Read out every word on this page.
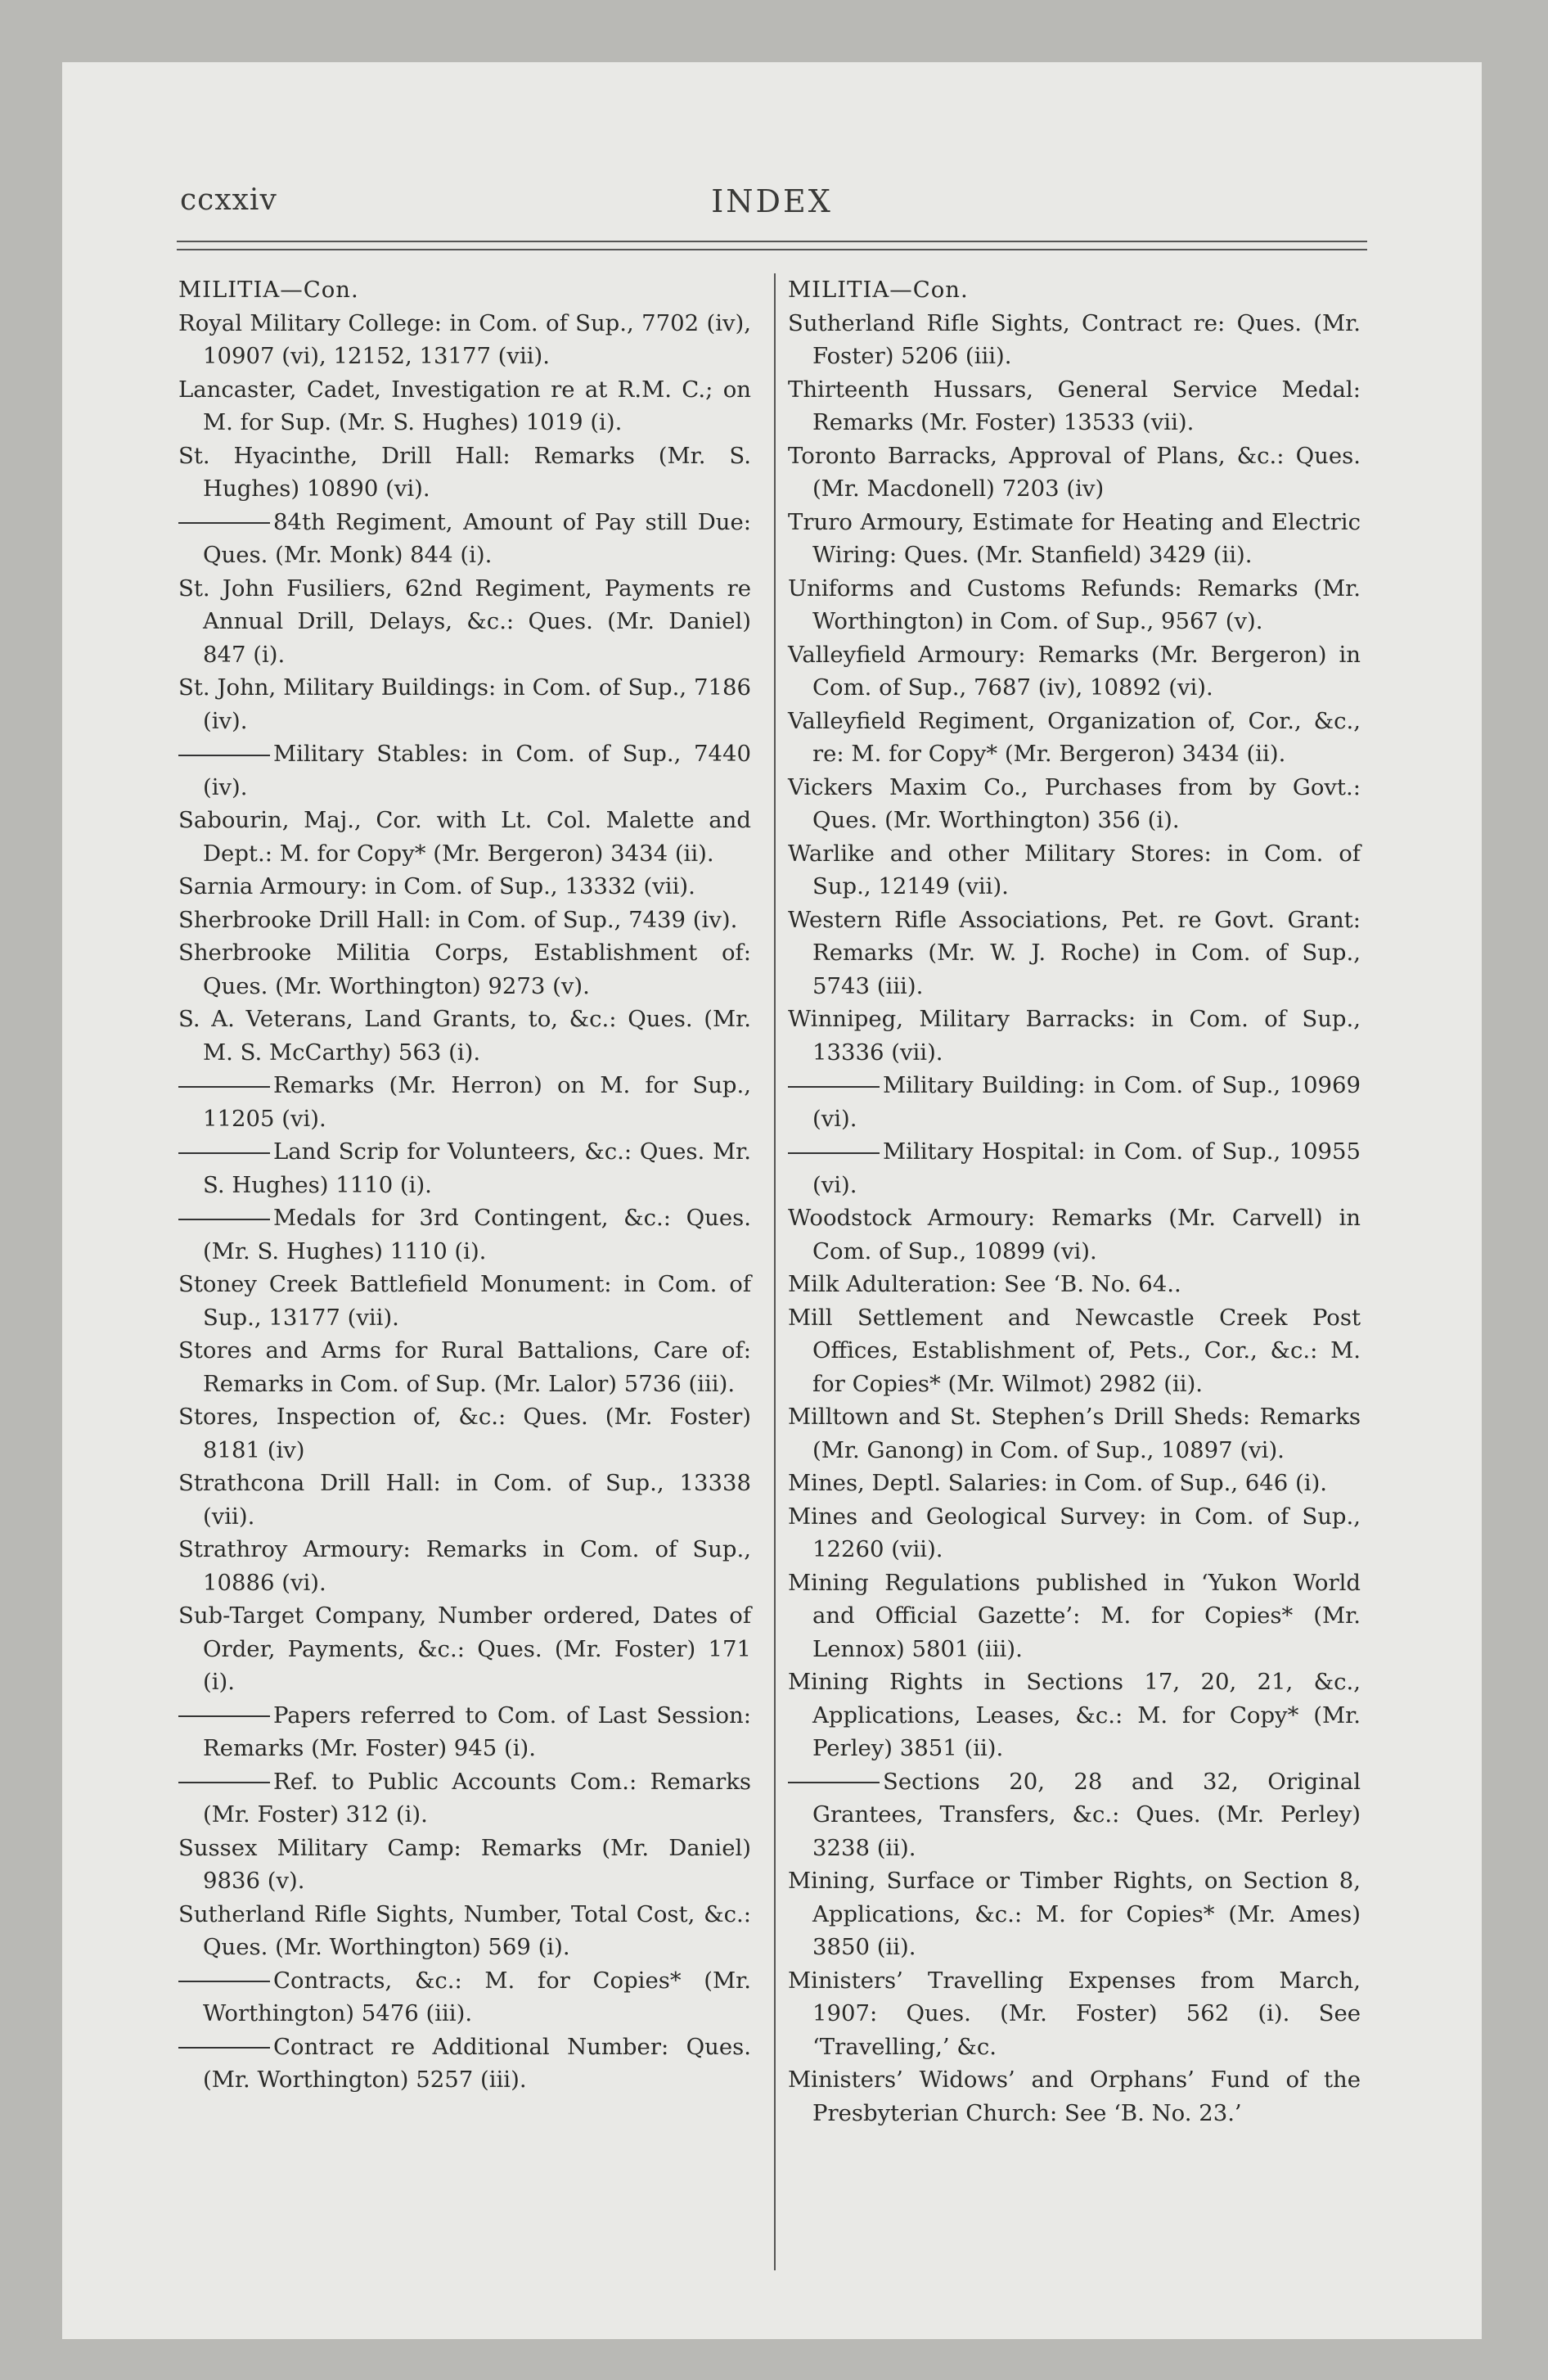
ccxxiv	INDEX

MILITIA—Con.

Royal Military College: in Com. of Sup., 7702 (iv), 10907 (vi), 12152, 13177 (vii).

Lancaster, Cadet, Investigation re at R.M. C.; on M. for Sup. (Mr. S. Hughes) 1019 (i).

St. Hyacinthe, Drill Hall: Remarks (Mr. S. Hughes) 10890 (vi).

84th Regiment, Amount of Pay still Due: Ques. (Mr. Monk) 844 (i).

St. John Fusiliers, 62nd Regiment, Payments re Annual Drill, Delays, &c.: Ques. (Mr. Daniel) 847 (i).

St. John, Military Buildings: in Com. of Sup., 7186 (iv).

Military Stables: in Com. of Sup., 7440 (iv).

Sabourin, Maj., Cor. with Lt. Col. Malette and Dept.: M. for Copy* (Mr. Bergeron) 3434 (ii).

Sarnia Armoury: in Com. of Sup., 13332 (vii).

Sherbrooke Drill Hall: in Com. of Sup., 7439 (iv).

Sherbrooke Militia Corps, Establishment of: Ques. (Mr. Worthington) 9273 (v).

S. A. Veterans, Land Grants, to, &c.: Ques. (Mr. M. S. McCarthy) 563 (i).

Remarks (Mr. Herron) on M. for Sup., 11205 (vi).

Land Scrip for Volunteers, &c.: Ques. Mr. S. Hughes) 1110 (i).

Medals for 3rd Contingent, &c.: Ques. (Mr. S. Hughes) 1110 (i).

Stoney Creek Battlefield Monument: in Com. of Sup., 13177 (vii).

Stores and Arms for Rural Battalions, Care of: Remarks in Com. of Sup. (Mr. Lalor) 5736 (iii).

Stores, Inspection of, &c.: Ques. (Mr. Foster) 8181 (iv)

Strathcona Drill Hall: in Com. of Sup., 13338 (vii).

Strathroy Armoury: Remarks in Com. of Sup., 10886 (vi).

Sub-Target Company, Number ordered, Dates of Order, Payments, &c.: Ques. (Mr. Foster) 171 (i).

Papers referred to Com. of Last Session: Remarks (Mr. Foster) 945 (i).

Ref. to Public Accounts Com.: Remarks (Mr. Foster) 312 (i).

Sussex Military Camp: Remarks (Mr. Daniel) 9836 (v).

Sutherland Rifle Sights, Number, Total Cost, &c.: Ques. (Mr. Worthington) 569 (i).

Contracts, &c.: M. for Copies* (Mr. Worthington) 5476 (iii).

Contract re Additional Number: Ques. (Mr. Worthington) 5257 (iii).

MILITIA—Con.

Sutherland Rifle Sights, Contract re: Ques. (Mr. Foster) 5206 (iii).

Thirteenth Hussars, General Service Medal: Remarks (Mr. Foster) 13533 (vii).

Toronto Barracks, Approval of Plans, &c.: Ques. (Mr. Macdonell) 7203 (iv)

Truro Armoury, Estimate for Heating and Electric Wiring: Ques. (Mr. Stanfield) 3429 (ii).

Uniforms and Customs Refunds: Remarks (Mr. Worthington) in Com. of Sup., 9567 (v).

Valleyfield Armoury: Remarks (Mr. Bergeron) in Com. of Sup., 7687 (iv), 10892 (vi).

Valleyfield Regiment, Organization of, Cor., &c., re: M. for Copy* (Mr. Bergeron) 3434 (ii).

Vickers Maxim Co., Purchases from by Govt.: Ques. (Mr. Worthington) 356 (i).

Warlike and other Military Stores: in Com. of Sup., 12149 (vii).

Western Rifle Associations, Pet. re Govt. Grant: Remarks (Mr. W. J. Roche) in Com. of Sup., 5743 (iii).

Winnipeg, Military Barracks: in Com. of Sup., 13336 (vii).

Military Building: in Com. of Sup., 10969 (vi).

Military Hospital: in Com. of Sup., 10955 (vi).

Woodstock Armoury: Remarks (Mr. Carvell) in Com. of Sup., 10899 (vi).

Milk Adulteration: See ‘B. No. 64..

Mill Settlement and Newcastle Creek Post Offices, Establishment of, Pets., Cor., &c.: M. for Copies* (Mr. Wilmot) 2982 (ii).

Milltown and St. Stephen’s Drill Sheds: Remarks (Mr. Ganong) in Com. of Sup., 10897 (vi).

Mines, Deptl. Salaries: in Com. of Sup., 646 (i).

Mines and Geological Survey: in Com. of Sup., 12260 (vii).

Mining Regulations published in ‘Yukon World and Official Gazette’: M. for Copies* (Mr. Lennox) 5801 (iii).

Mining Rights in Sections 17, 20, 21, &c., Applications, Leases, &c.: M. for Copy* (Mr. Perley) 3851 (ii).

Sections 20, 28 and 32, Original Grantees, Transfers, &c.: Ques. (Mr. Perley) 3238 (ii).

Mining, Surface or Timber Rights, on Section 8, Applications, &c.: M. for Copies* (Mr. Ames) 3850 (ii).

Ministers’ Travelling Expenses from March, 1907: Ques. (Mr. Foster) 562 (i). See ‘Travelling,’ &c.

Ministers’ Widows’ and Orphans’ Fund of the Presbyterian Church: See ‘B. No. 23.’
